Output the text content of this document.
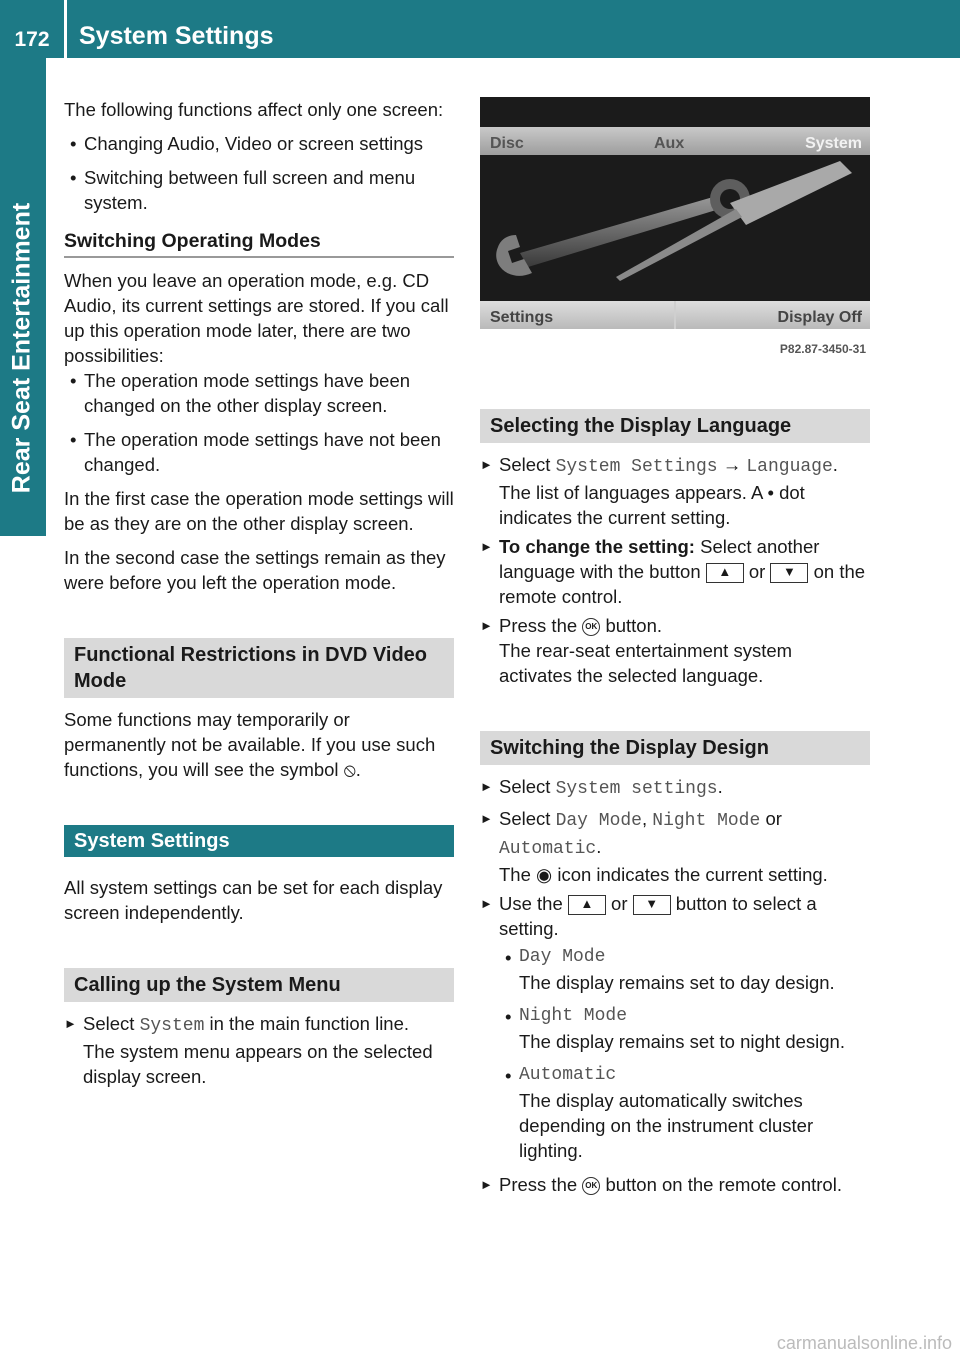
172	System Settings
Rear Seat Entertainment

The following functions affect only one screen:

• Changing Audio, Video or screen settings
• Switching between full screen and menu system.
Switching Operating Modes

When you leave an operation mode, e.g. CD Audio, its current settings are stored. If you call up this operation mode later, there are two possibilities:

• The operation mode settings have been changed on the other display screen.
• The operation mode settings have not been changed.

In the first case the operation mode settings will be as they are on the other display screen.

In the second case the settings remain as they were before you left the operation mode.

Functional Restrictions in DVD Video Mode

Some functions may temporarily or permanently not be available. If you use such functions, you will see the symbol ⦸.

System Settings

All system settings can be set for each display screen independently.

Calling up the System Menu
► Select System in the main function line.
The system menu appears on the selected display screen.
Disc	Aux	System
Settings	Display Off
P82.87-3450-31
Selecting the Display Language
► Select System Settings → Language.
The list of languages appears. A • dot indicates the current setting.
► To change the setting: Select another language with the button ▲ or ▼ on the remote control.
► Press the OK button.
The rear-seat entertainment system activates the selected language.
Switching the Display Design
► Select System settings.
► Select Day Mode, Night Mode or Automatic.
The ◉ icon indicates the current setting.
► Use the ▲ or ▼ button to select a setting.
• Day Mode
The display remains set to day design.
• Night Mode
The display remains set to night design.
• Automatic
The display automatically switches depending on the instrument cluster lighting.
► Press the OK button on the remote control.
carmanualsonline.info
